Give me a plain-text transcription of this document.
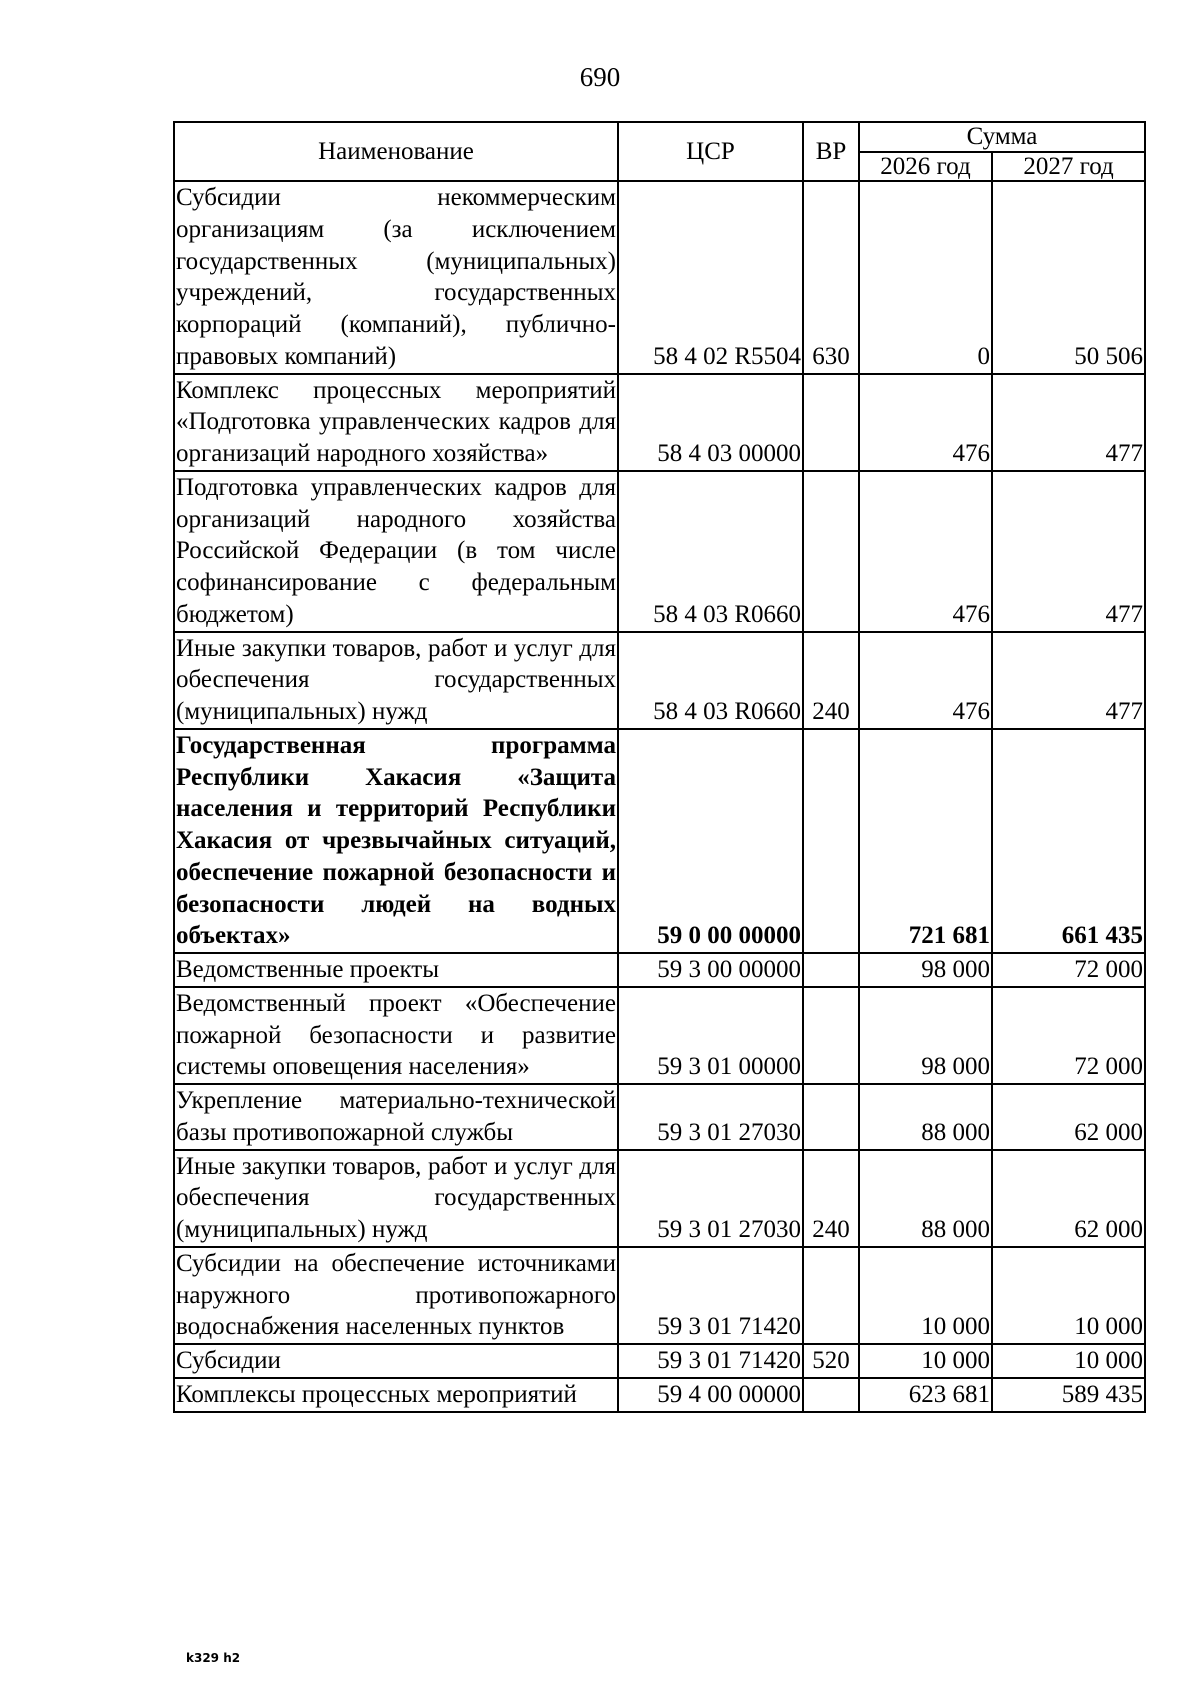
690
Наименование	ЦСР	ВР	Сумма	
			2026 год	2027 год
Субсидии некоммерческим организациям (за исключением государственных (муниципальных) учреждений, государственных корпораций (компаний), публично-правовых компаний)	58 4 02 R5504	630	0	50 506
Комплекс процессных мероприятий «Подготовка управленческих кадров для организаций народного хозяйства»	58 4 03 00000		476	477
Подготовка управленческих кадров для организаций народного хозяйства Российской Федерации (в том числе софинансирование с федеральным бюджетом)	58 4 03 R0660		476	477
Иные закупки товаров, работ и услуг для обеспечения государственных (муниципальных) нужд	58 4 03 R0660	240	476	477
Государственная программа Республики Хакасия «Защита населения и территорий Республики Хакасия от чрезвычайных ситуаций, обеспечение пожарной безопасности и безопасности людей на водных объектах»	59 0 00 00000		721 681	661 435
Ведомственные проекты	59 3 00 00000		98 000	72 000
Ведомственный проект «Обеспечение пожарной безопасности и развитие системы оповещения населения»	59 3 01 00000		98 000	72 000
Укрепление материально-технической базы противопожарной службы	59 3 01 27030		88 000	62 000
Иные закупки товаров, работ и услуг для обеспечения государственных (муниципальных) нужд	59 3 01 27030	240	88 000	62 000
Субсидии на обеспечение источниками наружного противопожарного водоснабжения населенных пунктов	59 3 01 71420		10 000	10 000
Субсидии	59 3 01 71420	520	10 000	10 000
Комплексы процессных мероприятий	59 4 00 00000		623 681	589 435
k329 h2
